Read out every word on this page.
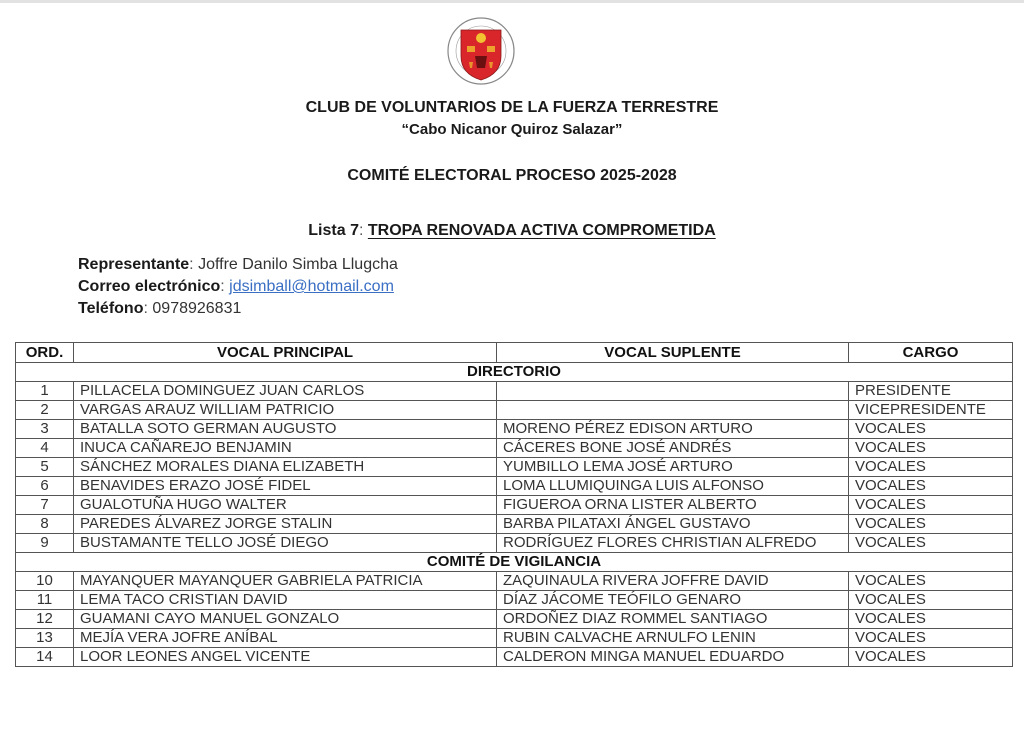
CLUB DE VOLUNTARIOS DE LA FUERZA TERRESTRE
“Cabo Nicanor Quiroz Salazar”
COMITÉ ELECTORAL PROCESO 2025-2028
Lista 7: TROPA RENOVADA ACTIVA COMPROMETIDA
Representante: Joffre Danilo Simba Llugcha
Correo electrónico: jdsimball@hotmail.com
Teléfono: 0978926831
ORD.	VOCAL PRINCIPAL	VOCAL SUPLENTE	CARGO
DIRECTORIO			
1	PILLACELA DOMINGUEZ JUAN CARLOS		PRESIDENTE
2	VARGAS ARAUZ WILLIAM PATRICIO		VICEPRESIDENTE
3	BATALLA SOTO GERMAN AUGUSTO	MORENO PÉREZ EDISON ARTURO	VOCALES
4	INUCA CAÑAREJO BENJAMIN	CÁCERES BONE JOSÉ ANDRÉS	VOCALES
5	SÁNCHEZ MORALES DIANA ELIZABETH	YUMBILLO LEMA JOSÉ ARTURO	VOCALES
6	BENAVIDES ERAZO JOSÉ FIDEL	LOMA LLUMIQUINGA LUIS ALFONSO	VOCALES
7	GUALOTUÑA HUGO WALTER	FIGUEROA ORNA LISTER ALBERTO	VOCALES
8	PAREDES ÁLVAREZ JORGE STALIN	BARBA PILATAXI ÁNGEL GUSTAVO	VOCALES
9	BUSTAMANTE TELLO JOSÉ DIEGO	RODRÍGUEZ FLORES CHRISTIAN ALFREDO	VOCALES
COMITÉ DE VIGILANCIA			
10	MAYANQUER MAYANQUER GABRIELA PATRICIA	ZAQUINAULA RIVERA JOFFRE DAVID	VOCALES
11	LEMA TACO CRISTIAN DAVID	DÍAZ JÁCOME TEÓFILO GENARO	VOCALES
12	GUAMANI CAYO MANUEL GONZALO	ORDOÑEZ DIAZ ROMMEL SANTIAGO	VOCALES
13	MEJÍA VERA JOFRE ANÍBAL	RUBIN CALVACHE ARNULFO LENIN	VOCALES
14	LOOR LEONES ANGEL VICENTE	CALDERON MINGA MANUEL EDUARDO	VOCALES
